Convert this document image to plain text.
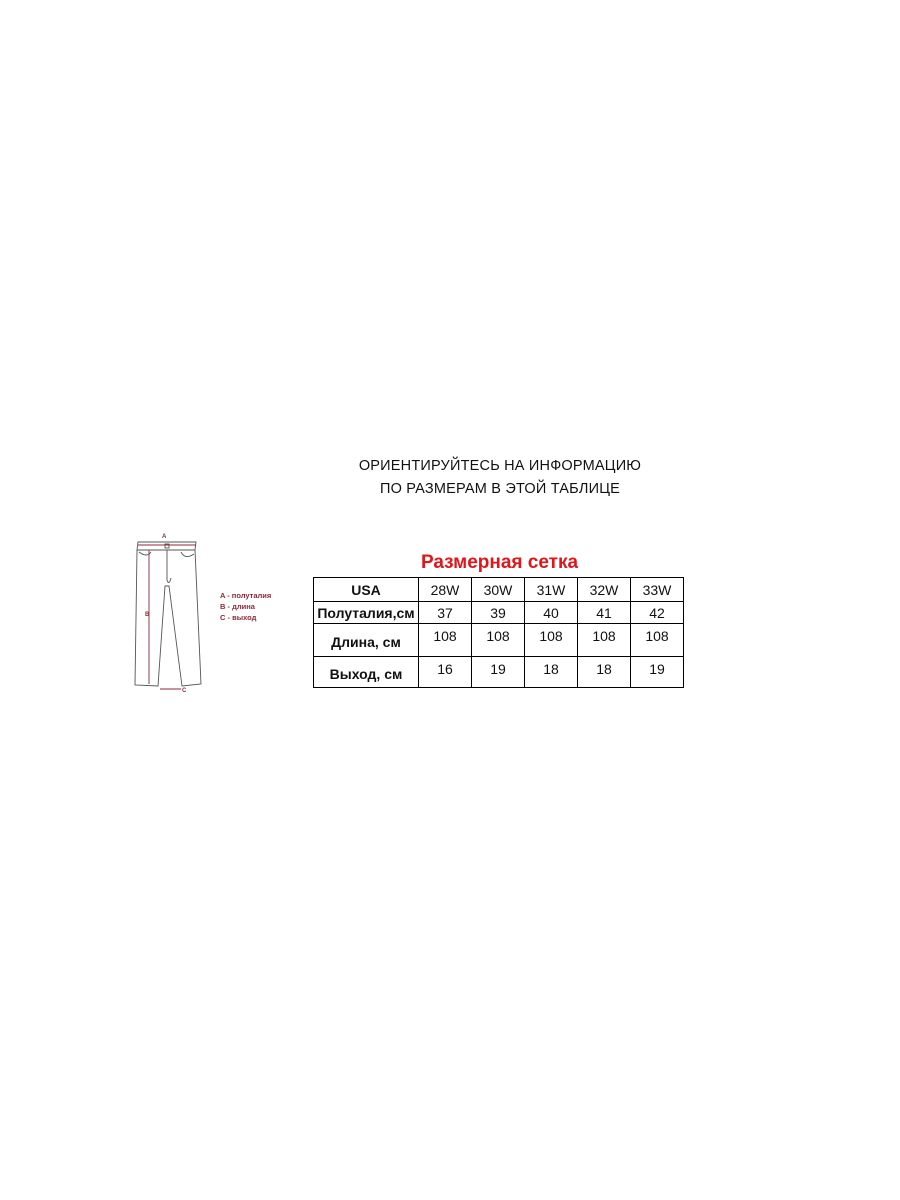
ОРИЕНТИРУЙТЕСЬ НА ИНФОРМАЦИЮ
ПО РАЗМЕРАМ В ЭТОЙ ТАБЛИЦЕ
A
B
C
A - полуталия
B - длина
C - выход
Размерная сетка
USA	28W	30W	31W	32W	33W
Полуталия,см	37	39	40	41	42
Длина, см	108	108	108	108	108
Выход, см	16	19	18	18	19
